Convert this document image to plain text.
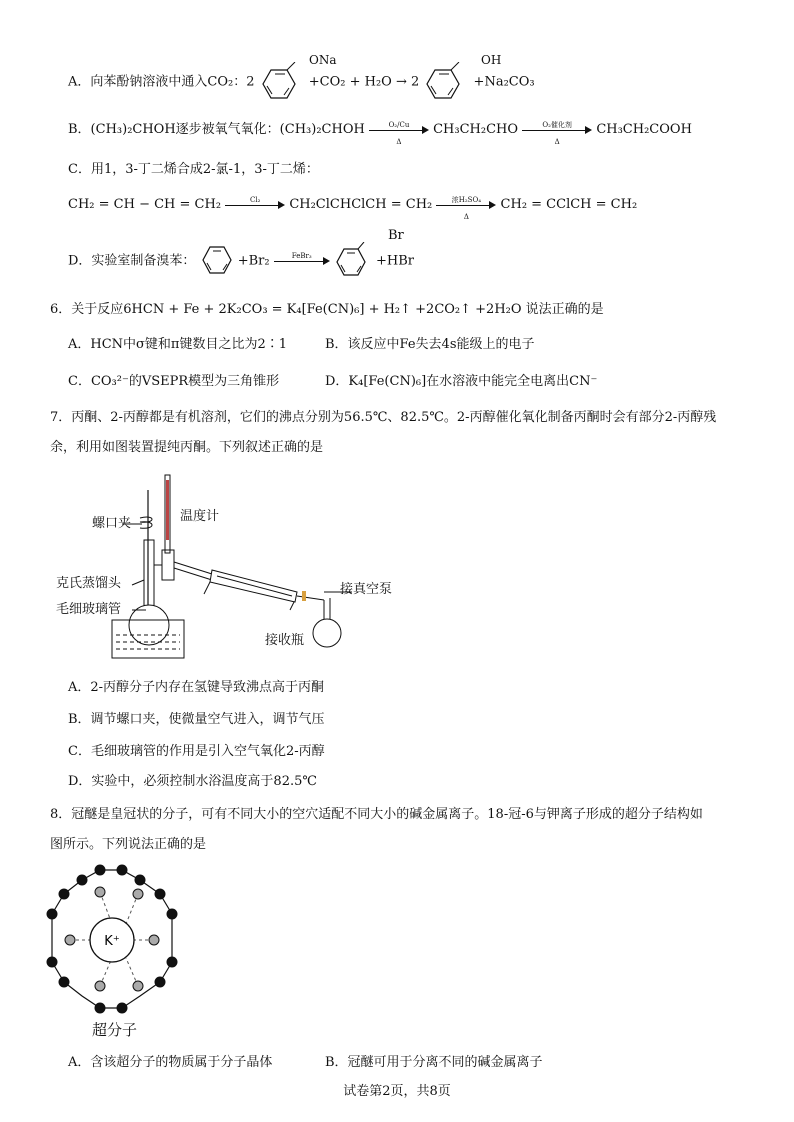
A．向苯酚钠溶液中通入CO₂：2
ONa
+CO₂ + H₂O → 2
OH
+Na₂CO₃
B．(CH₃)₂CHOH逐步被氧气氧化：(CH₃)₂CHOH $\frac{\text{O₂/Cu}}{\Delta} CH_3CH_2CHO$	O₂催化剂
Δ
CH₃CH₂COOH
C．用1，3-丁二烯合成2-氯-1，3-丁二烯：
CH₂ = CH − CH = CH₂	Cl₂	CH₂ClCHClCH = CH₂	浓H₂SO₄
Δ
CH₂ = CClCH = CH₂
D．实验室制备溴苯：	+Br₂	FeBr₃

Br
+HBr
6．关于反应6HCN + Fe + 2K₂CO₃ = K₄[Fe(CN)₆] + H₂↑ +2CO₂↑ +2H₂O 说法正确的是
A．HCN中σ键和π键数目之比为2∶1	B．该反应中Fe失去4s能级上的电子
C．CO₃²⁻的VSEPR模型为三角锥形	D．K₄[Fe(CN)₆]在水溶液中能完全电离出CN⁻
7．丙酮、2-丙醇都是有机溶剂，它们的沸点分别为56.5℃、82.5℃。2-丙醇催化氧化制备丙酮时会有部分2-丙醇残
余，利用如图装置提纯丙酮。下列叙述正确的是
螺口夹	温度计
克氏蒸馏头	接真空泵
毛细玻璃管
接收瓶
A．2-丙醇分子内存在氢键导致沸点高于丙酮
B．调节螺口夹，使微量空气进入，调节气压
C．毛细玻璃管的作用是引入空气氧化2-丙醇
D．实验中，必须控制水浴温度高于82.5℃
8．冠醚是皇冠状的分子，可有不同大小的空穴适配不同大小的碱金属离子。18-冠-6与钾离子形成的超分子结构如
图所示。下列说法正确的是
K⁺
超分子
A．含该超分子的物质属于分子晶体	B．冠醚可用于分离不同的碱金属离子
试卷第2页，共8页
